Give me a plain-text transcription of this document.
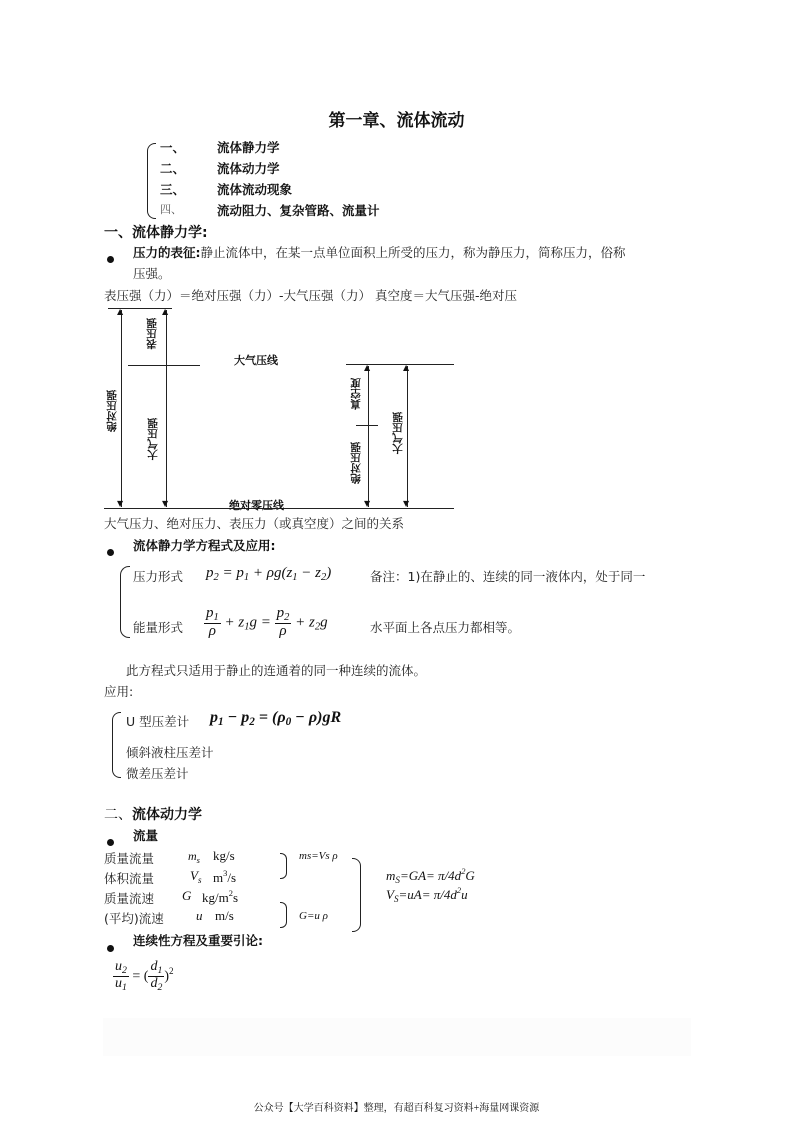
第一章、流体流动
一、	流体静力学
二、	流体动力学
三、	流体流动现象
四、	流动阻力、复杂管路、流量计
一、流体静力学:
压力的表征:静止流体中，在某一点单位面积上所受的压力，称为静压力，简称压力，俗称
压强。
表压强（力）＝绝对压强（力）-大气压强（力） 真空度＝大气压强-绝对压
▲
▼
▲
▼
表压强
绝对压强
大气压强
大气压线
绝对零压线
▲
▼
▲
▼
真空度
绝对压强
大气压强
大气压力、绝对压力、表压力（或真空度）之间的关系
流体静力学方程式及应用:
压力形式 $p_2 = p_1 + \rho g(z_1 - z_2)$	备注：1)在静止的、连续的同一液体内，处于同一
能量形式 $\frac{p_1}{\rho} + z_1g = \frac{p_2}{\rho} + z_2g$	水平面上各点压力都相等。
此方程式只适用于静止的连通着的同一种连续的流体。
应用:
U 型压差计 $p_1 - p_2 = (\rho_0 - \rho)gR$
倾斜液柱压差计
微差压差计
二、流体动力学
流量
质量流量	$m_s$ kg/s
体积流量	$V_s$ $m^3/s$
质量流速 G $kg/m^2s$
(平均)流速 u m/s
ms=Vs ρ
G=u ρ
$m_S=GA= \pi/4d^2G$
$V_S=uA= \pi/4d^2u$
连续性方程及重要引论:
$\frac{u_2}{u_1}$ = ( $\frac{d_1}{d_2} )^2$
公众号【大学百科资料】整理，有超百科复习资料+海量网课资源
